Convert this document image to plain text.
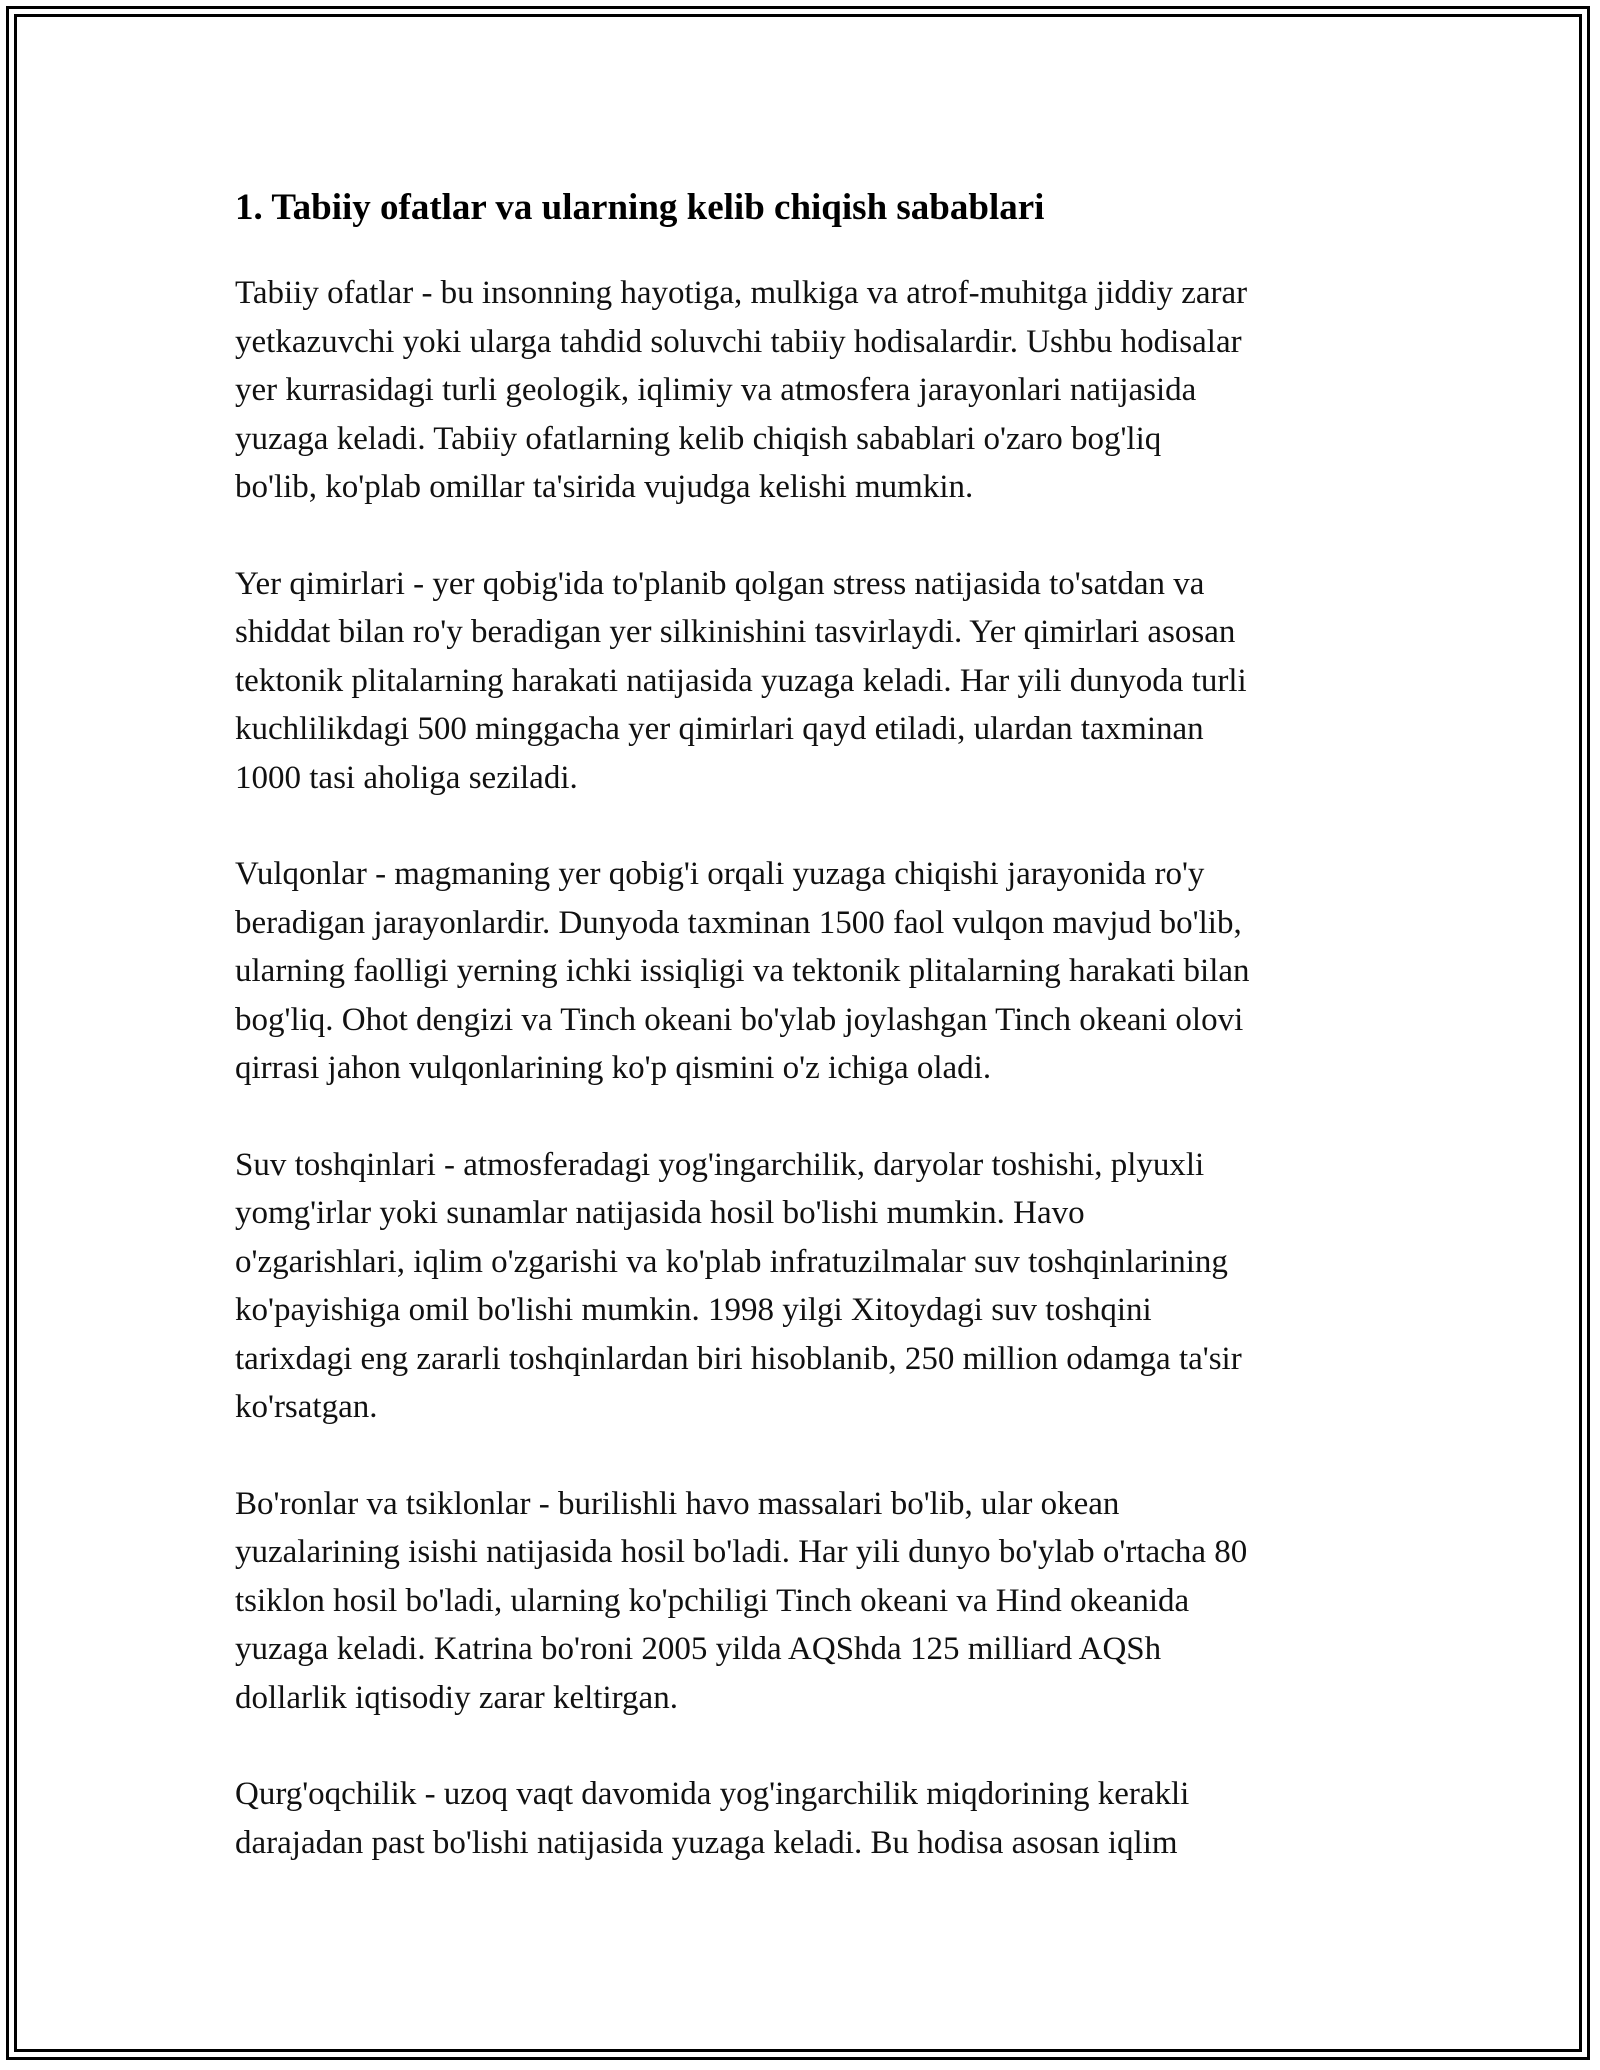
1. Tabiiy ofatlar va ularning kelib chiqish sabablari

Tabiiy ofatlar - bu insonning hayotiga, mulkiga va atrof-muhitga jiddiy zarar
yetkazuvchi yoki ularga tahdid soluvchi tabiiy hodisalardir. Ushbu hodisalar
yer kurrasidagi turli geologik, iqlimiy va atmosfera jarayonlari natijasida
yuzaga keladi. Tabiiy ofatlarning kelib chiqish sabablari o'zaro bog'liq
bo'lib, ko'plab omillar ta'sirida vujudga kelishi mumkin.

Yer qimirlari - yer qobig'ida to'planib qolgan stress natijasida to'satdan va
shiddat bilan ro'y beradigan yer silkinishini tasvirlaydi. Yer qimirlari asosan
tektonik plitalarning harakati natijasida yuzaga keladi. Har yili dunyoda turli
kuchlilikdagi 500 minggacha yer qimirlari qayd etiladi, ulardan taxminan
1000 tasi aholiga seziladi.

Vulqonlar - magmaning yer qobig'i orqali yuzaga chiqishi jarayonida ro'y
beradigan jarayonlardir. Dunyoda taxminan 1500 faol vulqon mavjud bo'lib,
ularning faolligi yerning ichki issiqligi va tektonik plitalarning harakati bilan
bog'liq. Ohot dengizi va Tinch okeani bo'ylab joylashgan Tinch okeani olovi
qirrasi jahon vulqonlarining ko'p qismini o'z ichiga oladi.

Suv toshqinlari - atmosferadagi yog'ingarchilik, daryolar toshishi, plyuxli
yomg'irlar yoki sunamlar natijasida hosil bo'lishi mumkin. Havo
o'zgarishlari, iqlim o'zgarishi va ko'plab infratuzilmalar suv toshqinlarining
ko'payishiga omil bo'lishi mumkin. 1998 yilgi Xitoydagi suv toshqini
tarixdagi eng zararli toshqinlardan biri hisoblanib, 250 million odamga ta'sir
ko'rsatgan.

Bo'ronlar va tsiklonlar - burilishli havo massalari bo'lib, ular okean
yuzalarining isishi natijasida hosil bo'ladi. Har yili dunyo bo'ylab o'rtacha 80
tsiklon hosil bo'ladi, ularning ko'pchiligi Tinch okeani va Hind okeanida
yuzaga keladi. Katrina bo'roni 2005 yilda AQShda 125 milliard AQSh
dollarlik iqtisodiy zarar keltirgan.

Qurg'oqchilik - uzoq vaqt davomida yog'ingarchilik miqdorining kerakli
darajadan past bo'lishi natijasida yuzaga keladi. Bu hodisa asosan iqlim
